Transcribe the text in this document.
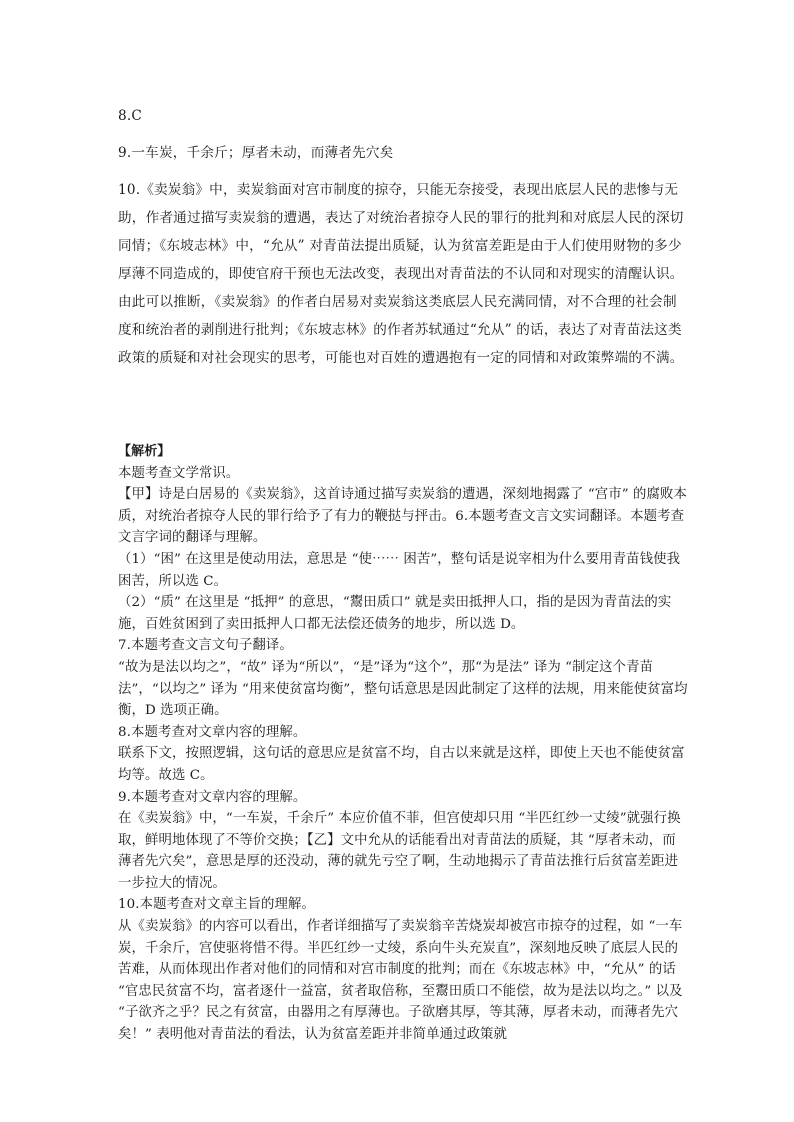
8.C

9.一车炭，千余斤；厚者未动，而薄者先穴矣

10.《卖炭翁》中，卖炭翁面对宫市制度的掠夺，只能无奈接受，表现出底层人民的悲惨与无助，作者通过描写卖炭翁的遭遇，表达了对统治者掠夺人民的罪行的批判和对底层人民的深切同情；《东坡志林》中，“允从” 对青苗法提出质疑，认为贫富差距是由于人们使用财物的多少厚薄不同造成的，即使官府干预也无法改变，表现出对青苗法的不认同和对现实的清醒认识。由此可以推断，《卖炭翁》的作者白居易对卖炭翁这类底层人民充满同情，对不合理的社会制度和统治者的剥削进行批判；《东坡志林》的作者苏轼通过“允从” 的话，表达了对青苗法这类政策的质疑和对社会现实的思考，可能也对百姓的遭遇抱有一定的同情和对政策弊端的不满。

【解析】

本题考查文学常识。

【甲】诗是白居易的《卖炭翁》，这首诗通过描写卖炭翁的遭遇，深刻地揭露了 “宫市” 的腐败本质，对统治者掠夺人民的罪行给予了有力的鞭挞与抨击。6.本题考查文言文实词翻译。本题考查文言字词的翻译与理解。

（1）“困” 在这里是使动用法，意思是 “使⋯⋯ 困苦”，整句话是说宰相为什么要用青苗钱使我困苦，所以选 C。

（2）“质” 在这里是 “抵押” 的意思，“鬻田质口” 就是卖田抵押人口，指的是因为青苗法的实施，百姓贫困到了卖田抵押人口都无法偿还债务的地步，所以选 D。

7.本题考查文言文句子翻译。

“故为是法以均之”，“故” 译为“所以”，“是”译为“这个”，那“为是法” 译为 “制定这个青苗法”，“以均之” 译为 “用来使贫富均衡”，整句话意思是因此制定了这样的法规，用来能使贫富均衡，D 选项正确。

8.本题考查对文章内容的理解。

联系下文，按照逻辑，这句话的意思应是贫富不均，自古以来就是这样，即使上天也不能使贫富均等。故选 C。

9.本题考查对文章内容的理解。

在《卖炭翁》中，“一车炭，千余斤” 本应价值不菲，但宫使却只用 “半匹红纱一丈绫”就强行换取，鲜明地体现了不等价交换；【乙】文中允从的话能看出对青苗法的质疑，其 “厚者未动，而薄者先穴矣”，意思是厚的还没动，薄的就先亏空了啊，生动地揭示了青苗法推行后贫富差距进一步拉大的情况。

10.本题考查对文章主旨的理解。

从《卖炭翁》的内容可以看出，作者详细描写了卖炭翁辛苦烧炭却被宫市掠夺的过程，如 “一车炭，千余斤，宫使驱将惜不得。半匹红纱一丈绫，系向牛头充炭直”，深刻地反映了底层人民的苦难，从而体现出作者对他们的同情和对宫市制度的批判；而在《东坡志林》中，“允从” 的话 “官忠民贫富不均，富者逐什一益富，贫者取倍称，至鬻田质口不能偿，故为是法以均之。” 以及 “子欲齐之乎？民之有贫富，由器用之有厚薄也。子欲磨其厚，等其薄，厚者未动，而薄者先穴矣！” 表明他对青苗法的看法，认为贫富差距并非简单通过政策就
